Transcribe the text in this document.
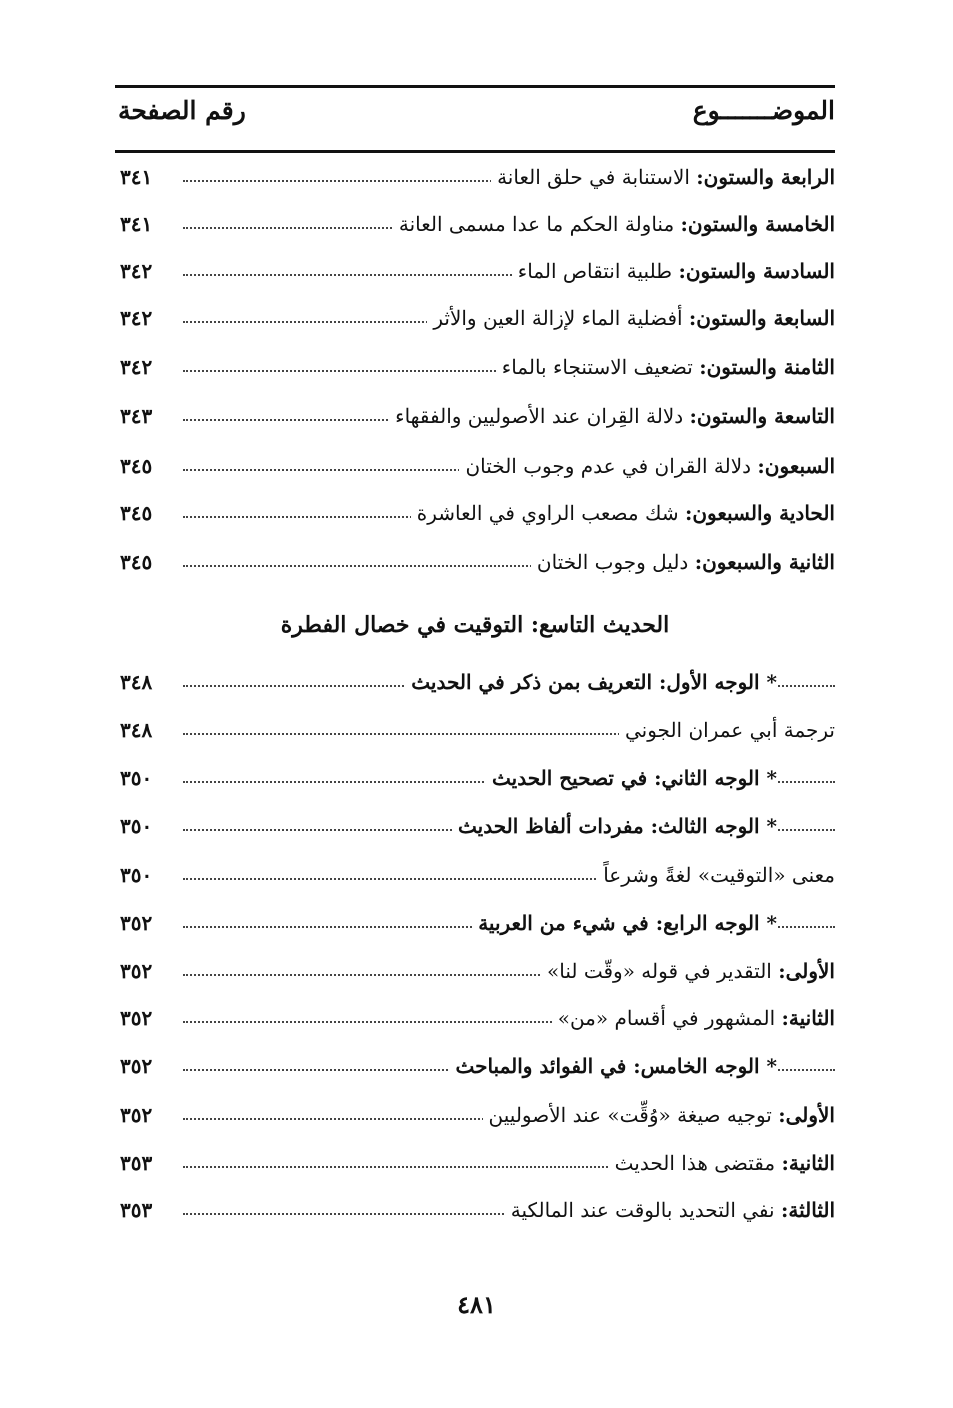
الموضـــــــوع
رقم الصفحة
الرابعة والستون: الاستنابة في حلق العانة
٣٤١
الخامسة والستون: مناولة الحكم ما عدا مسمى العانة
٣٤١
السادسة والستون: طلبية انتقاص الماء
٣٤٢
السابعة والستون: أفضلية الماء لإزالة العين والأثر
٣٤٢
الثامنة والستون: تضعيف الاستنجاء بالماء
٣٤٢
التاسعة والستون: دلالة القِران عند الأصوليين والفقهاء
٣٤٣
السبعون: دلالة القران في عدم وجوب الختان
٣٤٥
الحادية والسبعون: شك مصعب الراوي في العاشرة
٣٤٥
الثانية والسبعون: دليل وجوب الختان
٣٤٥
الحديث التاسع: التوقيت في خصال الفطرة
* الوجه الأول: التعريف بمن ذكر في الحديث
٣٤٨
ترجمة أبي عمران الجوني
٣٤٨
* الوجه الثاني: في تصحيح الحديث
٣٥٠
* الوجه الثالث: مفردات ألفاظ الحديث
٣٥٠
معنى «التوقيت» لغةً وشرعاً
٣٥٠
* الوجه الرابع: في شيء من العربية
٣٥٢
الأولى: التقدير في قوله «وقّت لنا»
٣٥٢
الثانية: المشهور في أقسام «من»
٣٥٢
* الوجه الخامس: في الفوائد والمباحث
٣٥٢
الأولى: توجيه صيغة «وُقِّت» عند الأصوليين
٣٥٢
الثانية: مقتضى هذا الحديث
٣٥٣
الثالثة: نفي التحديد بالوقت عند المالكية
٣٥٣
٤٨١
